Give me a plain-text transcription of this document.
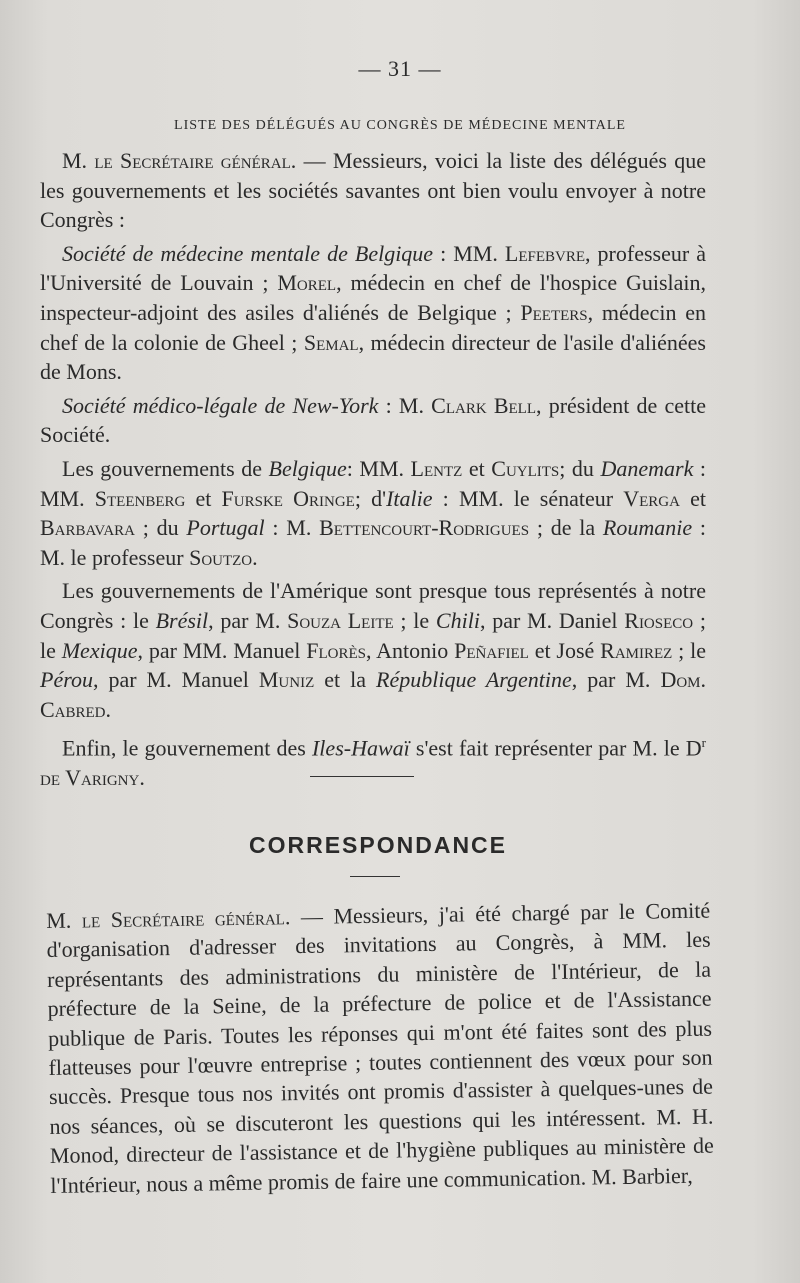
— 31 —
LISTE DES DÉLÉGUÉS AU CONGRÈS DE MÉDECINE MENTALE

M. le Secrétaire général. — Messieurs, voici la liste des délégués que les gouvernements et les sociétés savantes ont bien voulu envoyer à notre Congrès :

Société de médecine mentale de Belgique : MM. Lefebvre, professeur à l'Université de Louvain ; Morel, médecin en chef de l'hospice Guislain, inspecteur-adjoint des asiles d'aliénés de Belgique ; Peeters, médecin en chef de la colonie de Gheel ; Semal, médecin directeur de l'asile d'aliénées de Mons.

Société médico-légale de New-York : M. Clark Bell, président de cette Société.

Les gouvernements de Belgique: MM. Lentz et Cuylits; du Danemark : MM. Steenberg et Furske Oringe; d'Italie : MM. le sénateur Verga et Barbavara ; du Portugal : M. Bettencourt-Rodrigues ; de la Roumanie : M. le professeur Soutzo.

Les gouvernements de l'Amérique sont presque tous représentés à notre Congrès : le Brésil, par M. Souza Leite ; le Chili, par M. Daniel Rioseco ; le Mexique, par MM. Manuel Florès, Antonio Peñafiel et José Ramirez ; le Pérou, par M. Manuel Muniz et la République Argentine, par M. Dom. Cabred.

Enfin, le gouvernement des Iles-Hawaï s'est fait représenter par M. le $D^r$ de Varigny.

CORRESPONDANCE

M. le Secrétaire général. — Messieurs, j'ai été chargé par le Comité d'organisation d'adresser des invitations au Congrès, à MM. les représentants des administrations du ministère de l'Intérieur, de la préfecture de la Seine, de la préfecture de police et de l'Assistance publique de Paris. Toutes les réponses qui m'ont été faites sont des plus flatteuses pour l'œuvre entreprise ; toutes contiennent des vœux pour son succès. Presque tous nos invités ont promis d'assister à quelques-unes de nos séances, où se discuteront les questions qui les intéressent. M. H. Monod, directeur de l'assistance et de l'hygiène publiques au ministère de l'Intérieur, nous a même promis de faire une communication. M. Barbier,
